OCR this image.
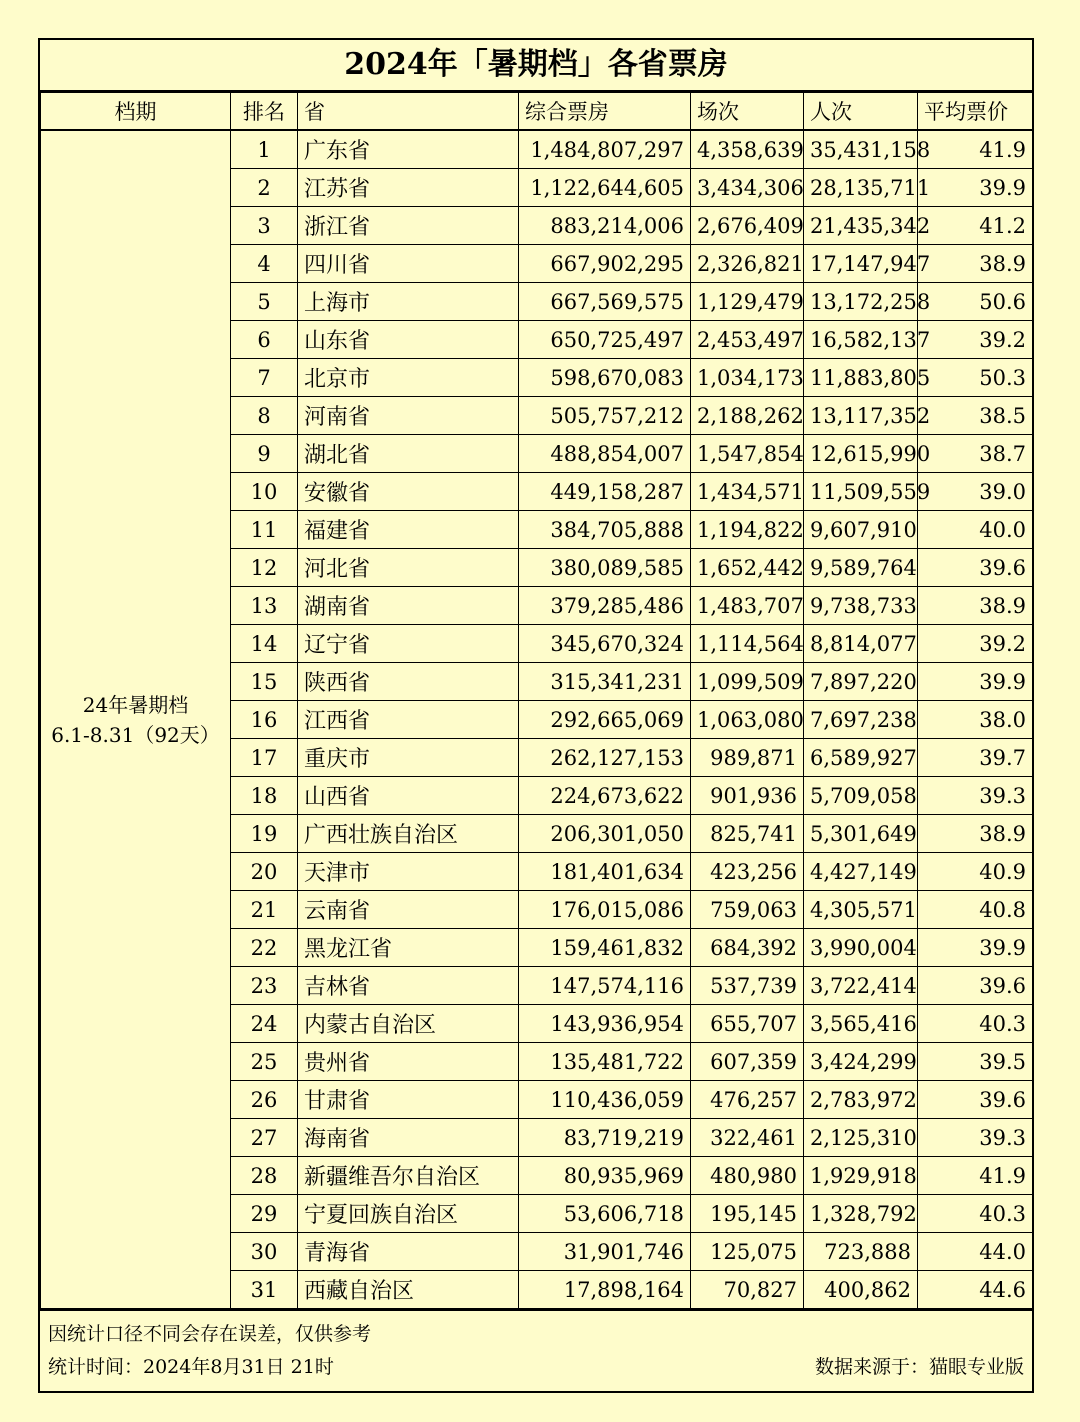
2024年「暑期档」各省票房
档期	排名	省	综合票房	场次	人次	平均票价

24年暑期档
6.1-8.31（92天）	1	广东省	1,484,807,297	4,358,639	35,431,158	41.9
	2	江苏省	1,122,644,605	3,434,306	28,135,711	39.9
	3	浙江省	883,214,006	2,676,409	21,435,342	41.2
	4	四川省	667,902,295	2,326,821	17,147,947	38.9
	5	上海市	667,569,575	1,129,479	13,172,258	50.6
	6	山东省	650,725,497	2,453,497	16,582,137	39.2
	7	北京市	598,670,083	1,034,173	11,883,805	50.3
	8	河南省	505,757,212	2,188,262	13,117,352	38.5
	9	湖北省	488,854,007	1,547,854	12,615,990	38.7
	10	安徽省	449,158,287	1,434,571	11,509,559	39.0
	11	福建省	384,705,888	1,194,822	9,607,910	40.0
	12	河北省	380,089,585	1,652,442	9,589,764	39.6
	13	湖南省	379,285,486	1,483,707	9,738,733	38.9
	14	辽宁省	345,670,324	1,114,564	8,814,077	39.2
	15	陕西省	315,341,231	1,099,509	7,897,220	39.9
	16	江西省	292,665,069	1,063,080	7,697,238	38.0
	17	重庆市	262,127,153	989,871	6,589,927	39.7
	18	山西省	224,673,622	901,936	5,709,058	39.3
	19	广西壮族自治区	206,301,050	825,741	5,301,649	38.9
	20	天津市	181,401,634	423,256	4,427,149	40.9
	21	云南省	176,015,086	759,063	4,305,571	40.8
	22	黑龙江省	159,461,832	684,392	3,990,004	39.9
	23	吉林省	147,574,116	537,739	3,722,414	39.6
	24	内蒙古自治区	143,936,954	655,707	3,565,416	40.3
	25	贵州省	135,481,722	607,359	3,424,299	39.5
	26	甘肃省	110,436,059	476,257	2,783,972	39.6
	27	海南省	83,719,219	322,461	2,125,310	39.3
	28	新疆维吾尔自治区	80,935,969	480,980	1,929,918	41.9
	29	宁夏回族自治区	53,606,718	195,145	1,328,792	40.3
	30	青海省	31,901,746	125,075	723,888	44.0
	31	西藏自治区	17,898,164	70,827	400,862	44.6
因统计口径不同会存在误差，仅供参考
统计时间：2024年8月31日 21时	数据来源于：猫眼专业版
